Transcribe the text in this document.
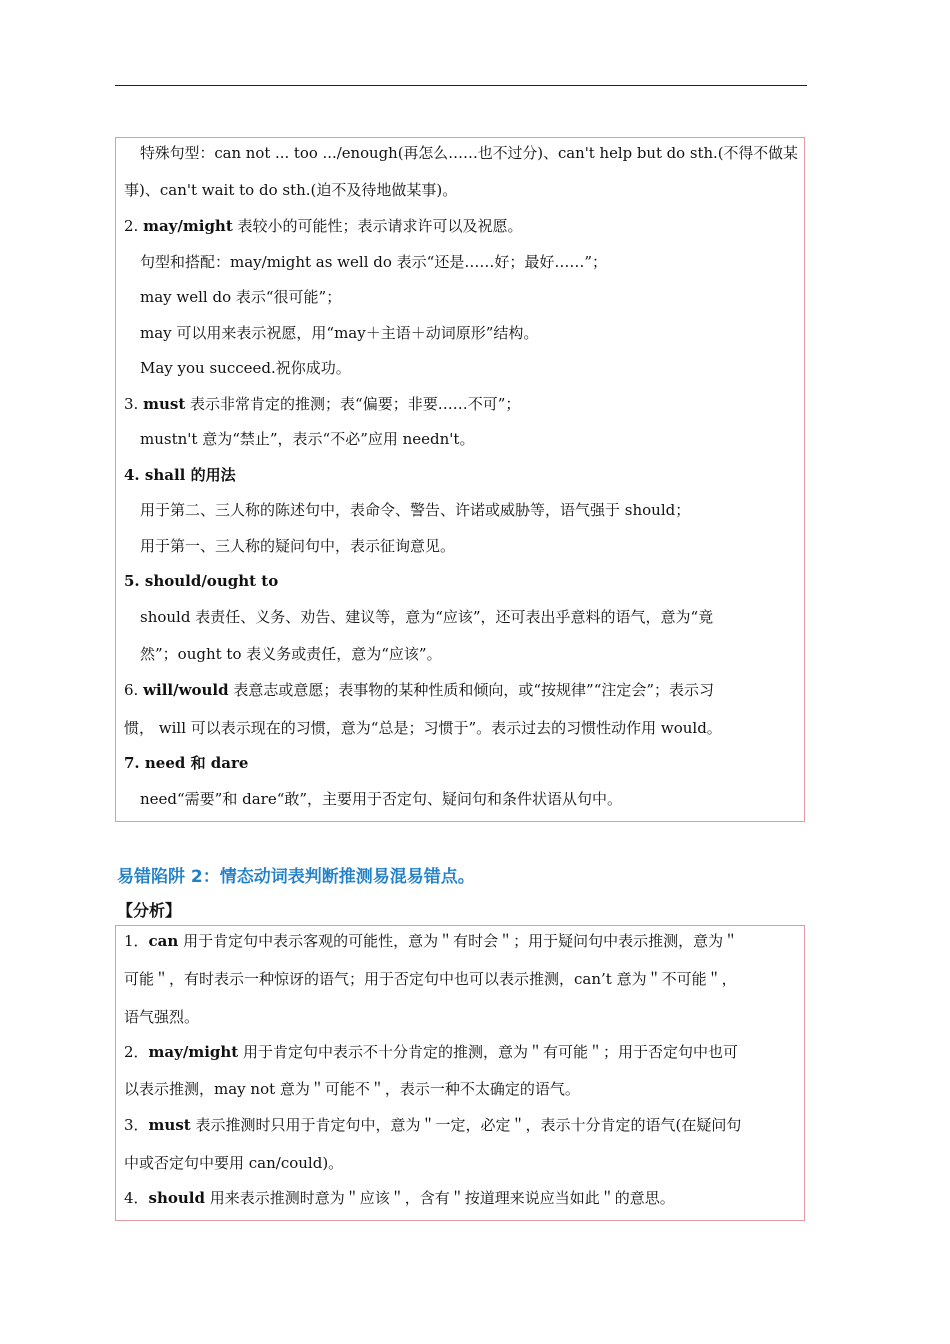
特殊句型：can not ... too .../enough(再怎么……也不过分)、can't help but do sth.(不得不做某
事)、can't wait to do sth.(迫不及待地做某事)。
2. may/might 表较小的可能性；表示请求许可以及祝愿。
句型和搭配：may/might as well do 表示“还是……好；最好……”；
may well do 表示“很可能”；
may 可以用来表示祝愿，用“may＋主语＋动词原形”结构。
May you succeed.祝你成功。
3. must 表示非常肯定的推测；表“偏要；非要……不可”；
mustn't 意为“禁止”，表示“不必”应用 needn't。
4. shall 的用法
用于第二、三人称的陈述句中，表命令、警告、许诺或威胁等，语气强于 should；
用于第一、三人称的疑问句中，表示征询意见。
5. should/ought to
should 表责任、义务、劝告、建议等，意为“应该”，还可表出乎意料的语气，意为“竟
然”；ought to 表义务或责任，意为“应该”。
6. will/would 表意志或意愿；表事物的某种性质和倾向，或“按规律”“注定会”；表示习
惯， will 可以表示现在的习惯，意为“总是；习惯于”。表示过去的习惯性动作用 would。
7. need 和 dare
need“需要”和 dare“敢”，主要用于否定句、疑问句和条件状语从句中。
易错陷阱 2：情态动词表判断推测易混易错点。
【分析】
1．can 用于肯定句中表示客观的可能性，意为＂有时会＂；用于疑问句中表示推测，意为＂
可能＂，有时表示一种惊讶的语气；用于否定句中也可以表示推测，can’t 意为＂不可能＂，
语气强烈。
2．may/might 用于肯定句中表示不十分肯定的推测，意为＂有可能＂；用于否定句中也可
以表示推测，may not 意为＂可能不＂，表示一种不太确定的语气。
3．must 表示推测时只用于肯定句中，意为＂一定，必定＂，表示十分肯定的语气(在疑问句
中或否定句中要用 can/could)。
4．should 用来表示推测时意为＂应该＂，含有＂按道理来说应当如此＂的意思。
